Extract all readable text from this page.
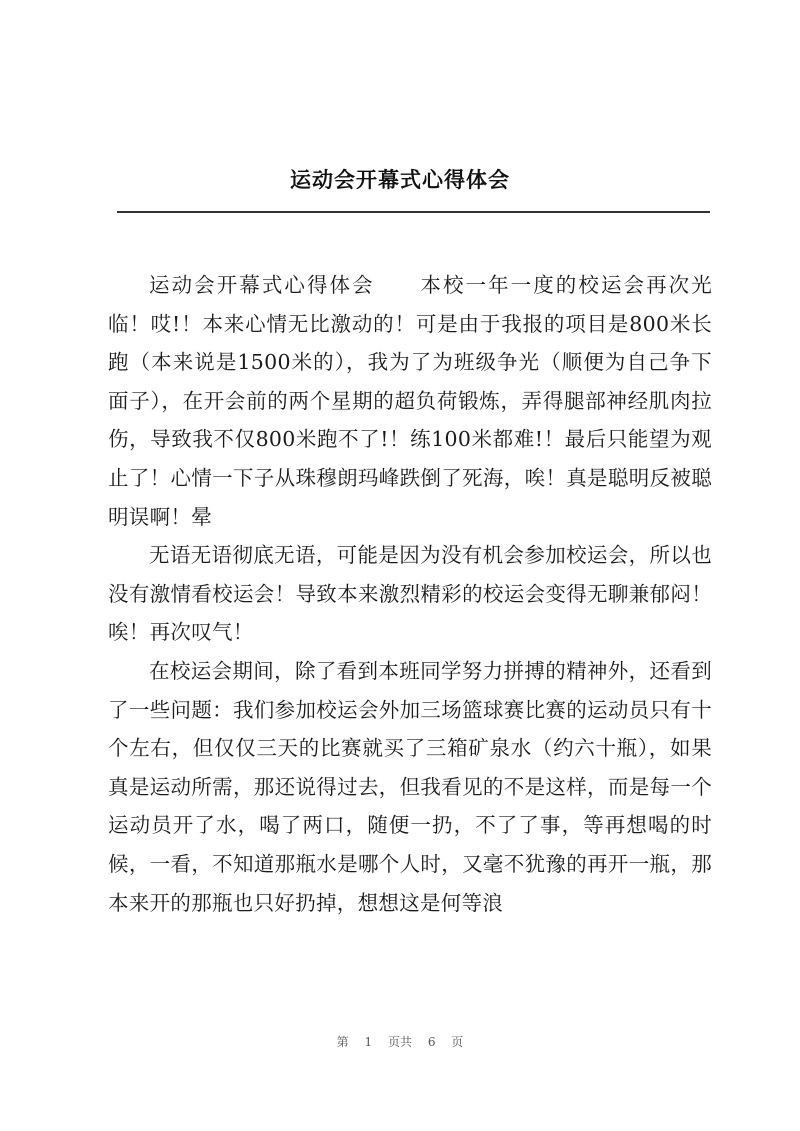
运动会开幕式心得体会

运动会开幕式心得体会 本校一年一度的校运会再次光临！哎!！本来心情无比激动的！可是由于我报的项目是800米长跑（本来说是1500米的），我为了为班级争光（顺便为自己争下面子），在开会前的两个星期的超负荷锻炼，弄得腿部神经肌肉拉伤，导致我不仅800米跑不了!！练100米都难!！最后只能望为观止了！心情一下子从珠穆朗玛峰跌倒了死海，唉！真是聪明反被聪明误啊！晕

无语无语彻底无语，可能是因为没有机会参加校运会，所以也没有激情看校运会！导致本来激烈精彩的校运会变得无聊兼郁闷！唉！再次叹气！

在校运会期间，除了看到本班同学努力拼搏的精神外，还看到了一些问题：我们参加校运会外加三场篮球赛比赛的运动员只有十个左右，但仅仅三天的比赛就买了三箱矿泉水（约六十瓶），如果真是运动所需，那还说得过去，但我看见的不是这样，而是每一个运动员开了水，喝了两口，随便一扔，不了了事，等再想喝的时候，一看，不知道那瓶水是哪个人时，又毫不犹豫的再开一瓶，那本来开的那瓶也只好扔掉，想想这是何等浪

第 1 页共 6 页
